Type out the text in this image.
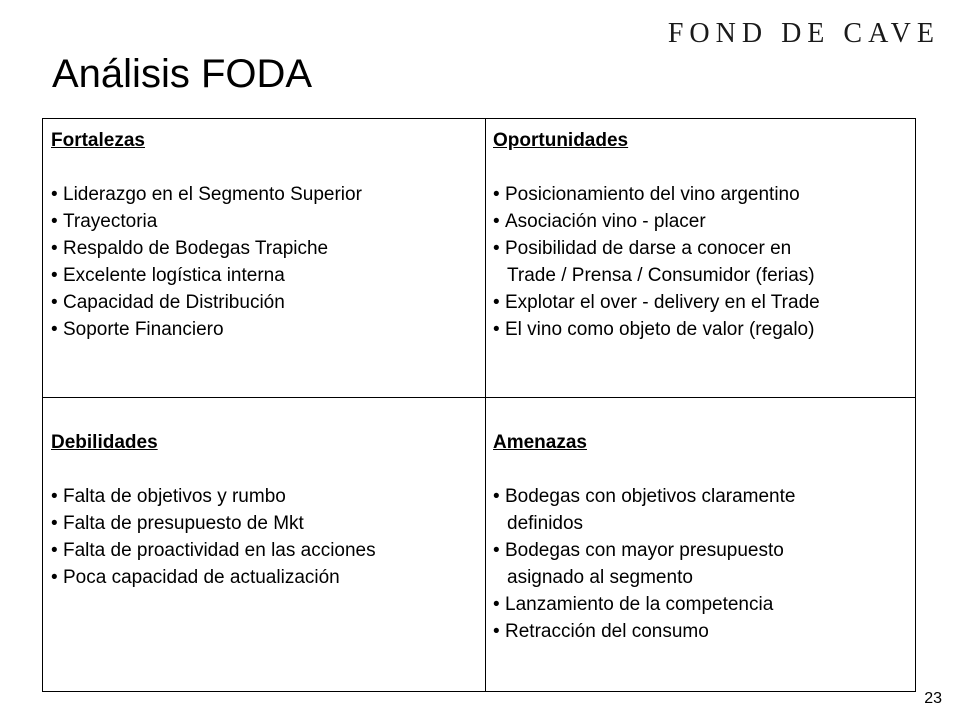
FOND DE CAVE
Análisis FODA
Fortalezas
• Liderazgo en el Segmento Superior
• Trayectoria
• Respaldo de Bodegas Trapiche
• Excelente logística interna
• Capacidad de Distribución
• Soporte Financiero
Oportunidades
• Posicionamiento del vino argentino
• Asociación vino - placer
• Posibilidad de darse a conocer en
Trade / Prensa / Consumidor (ferias)
• Explotar el over - delivery en el Trade
• El vino como objeto de valor (regalo)
Debilidades
• Falta de objetivos y rumbo
• Falta de presupuesto de Mkt
• Falta de proactividad en las acciones
• Poca capacidad de actualización
Amenazas
• Bodegas con objetivos claramente
definidos
• Bodegas con mayor presupuesto
asignado al segmento
• Lanzamiento de la competencia
• Retracción del consumo
23
